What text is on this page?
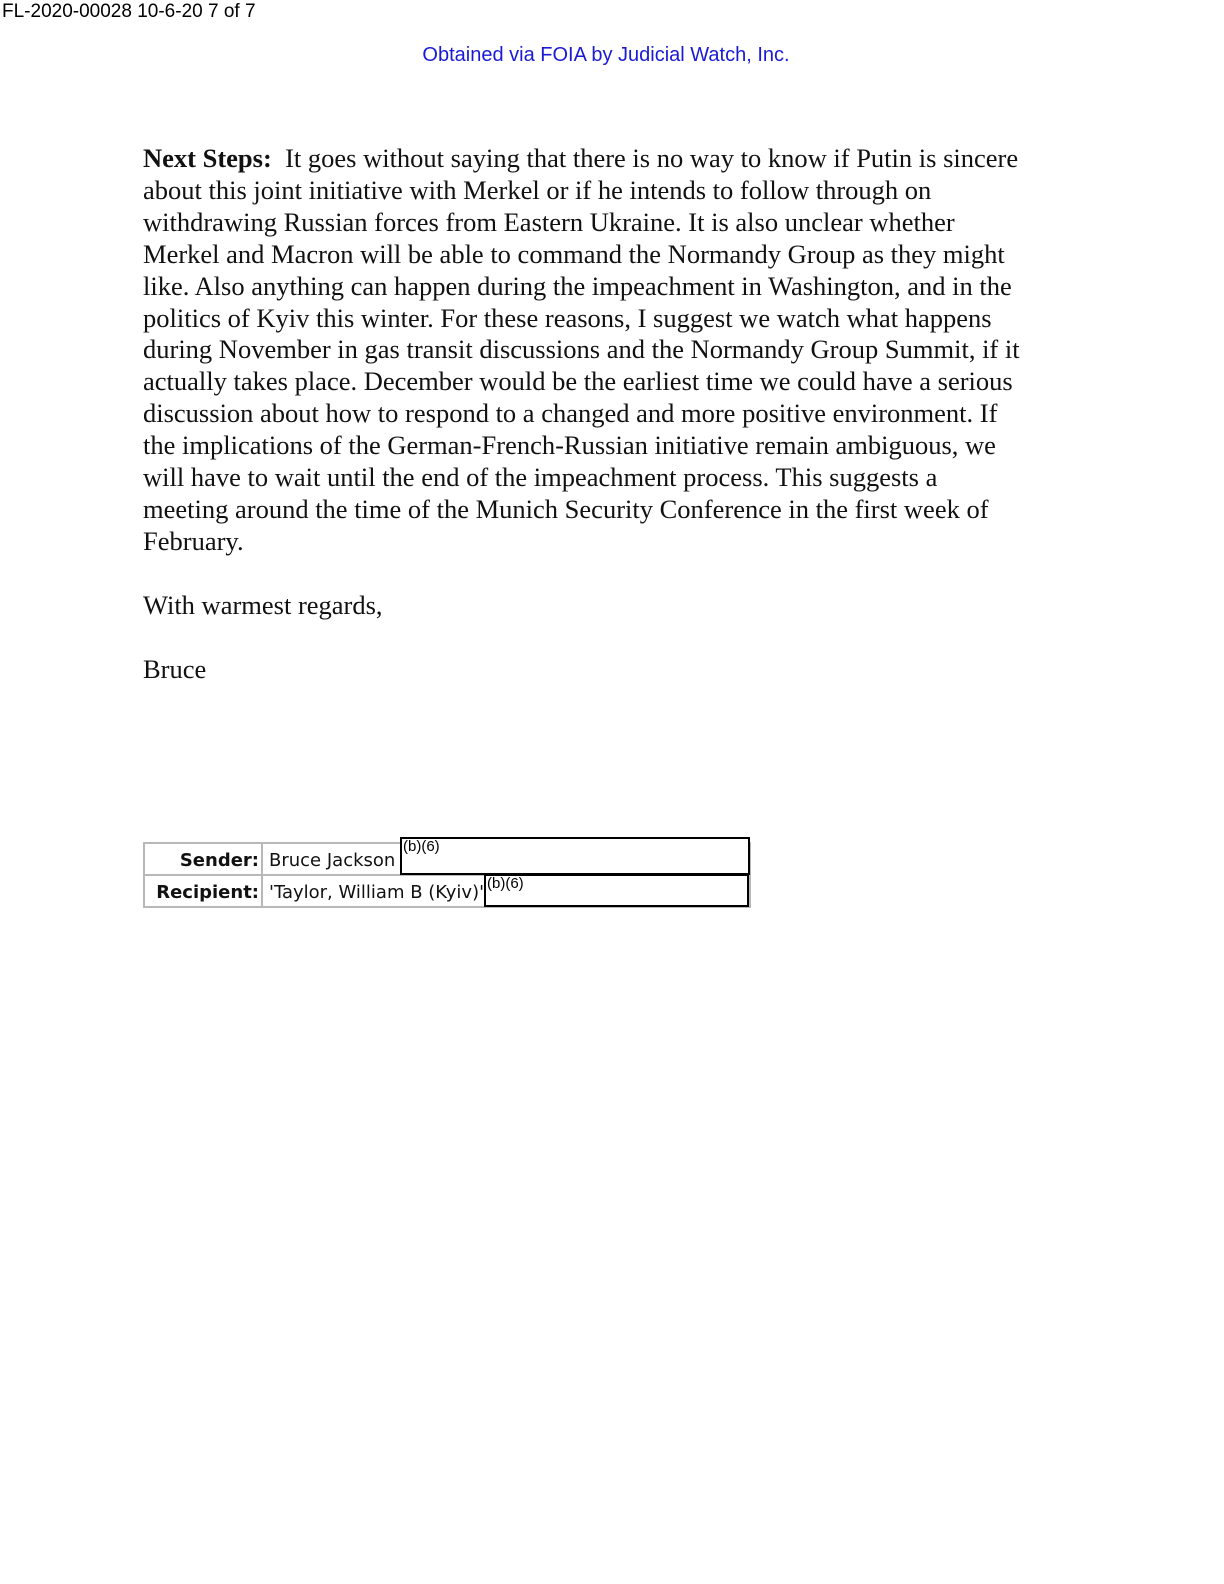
FL-2020-00028 10-6-20 7 of 7
Obtained via FOIA by Judicial Watch, Inc.
Next Steps: It goes without saying that there is no way to know if Putin is sincere
about this joint initiative with Merkel or if he intends to follow through on
withdrawing Russian forces from Eastern Ukraine. It is also unclear whether
Merkel and Macron will be able to command the Normandy Group as they might
like. Also anything can happen during the impeachment in Washington, and in the
politics of Kyiv this winter. For these reasons, I suggest we watch what happens
during November in gas transit discussions and the Normandy Group Summit, if it
actually takes place. December would be the earliest time we could have a serious
discussion about how to respond to a changed and more positive environment. If
the implications of the German-French-Russian initiative remain ambiguous, we
will have to wait until the end of the impeachment process. This suggests a
meeting around the time of the Munich Security Conference in the first week of
February.
With warmest regards,
Bruce
Sender: Bruce Jackson
Recipient: 'Taylor, William B (Kyiv)'
(b)(6)
(b)(6)
